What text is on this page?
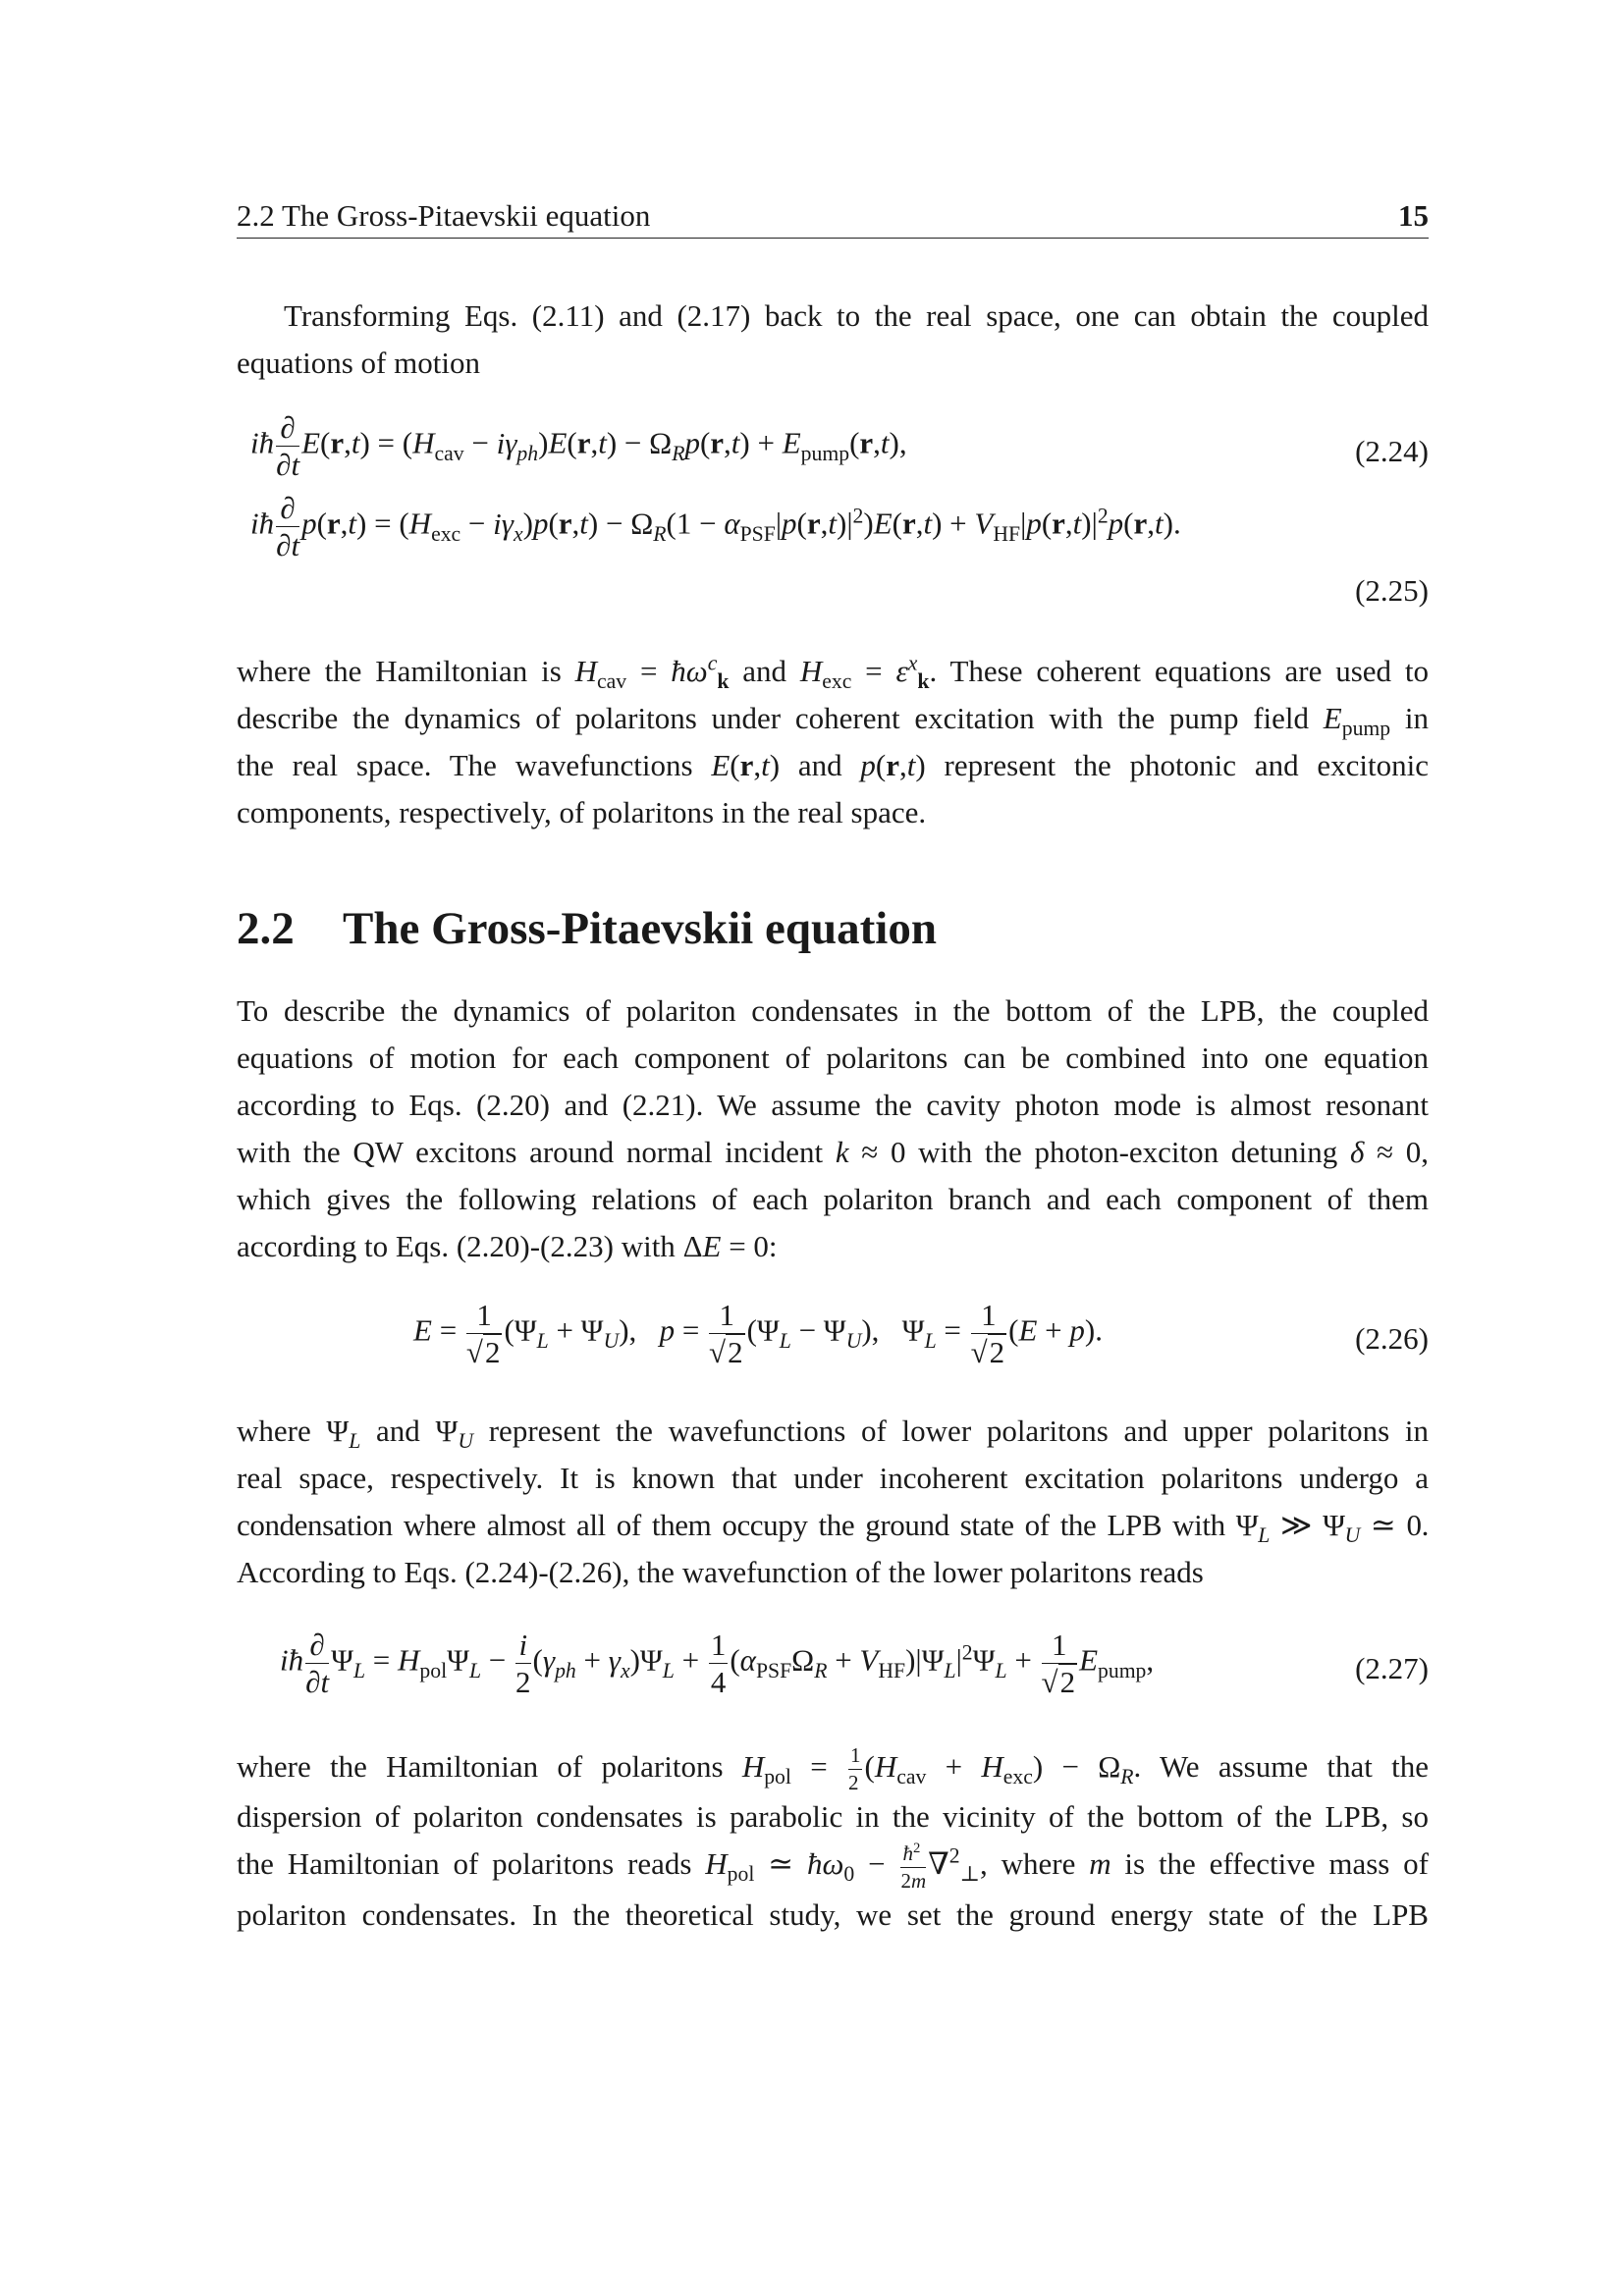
2.2 The Gross-Pitaevskii equation	15

Transforming Eqs. (2.11) and (2.17) back to the real space, one can obtain the coupled
equations of motion

iħ $\frac{\partial}{\partial t} E(r,t) = (H_{cav} - i\gamma_{ph})E(r,t) - \Omega_Rp(r,t) + E_{pump}(r,t)$,	(2.24)
iħ $\frac{\partial}{\partial t} p(r,t) = (H_{exc} - i\gamma_x)p(r,t) - \Omega_R(1 - \alpha_{PSF}|p(r,t)|^2)E(r,t) + V_{HF}|p(r,t)|^2p(r,t)$.
(2.25)

where the Hamiltonian is $H_{cav}$ = $ħ\omega^c_k$ and $H_{exc} = \varepsilon^x_k$. These coherent equations are used to
describe the dynamics of polaritons under coherent excitation with the pump field $E_{pump}$ in
the real space. The wavefunctions E(r,t) and p(r,t) represent the photonic and excitonic
components, respectively, of polaritons in the real space.

2.2 The Gross-Pitaevskii equation

To describe the dynamics of polariton condensates in the bottom of the LPB, the coupled
equations of motion for each component of polaritons can be combined into one equation
according to Eqs. (2.20) and (2.21). We assume the cavity photon mode is almost resonant
with the QW excitons around normal incident k ≈ 0 with the photon-exciton detuning δ ≈ 0,
which gives the following relations of each polariton branch and each component of them
according to Eqs. (2.20)-(2.23) with ΔE = 0:

$E = \frac{1}{√2} (\Psi_L + \Psi_U)$,   $p = \frac{1}{√2} (\Psi_L - \Psi_U)$,   $\Psi_L = \frac{1}{√2} (E + p)$.	(2.26)

where $\Psi_L$ and $\Psi_U$ represent the wavefunctions of lower polaritons and upper polaritons in
real space, respectively. It is known that under incoherent excitation polaritons undergo a
condensation where almost all of them occupy the ground state of the LPB with $\Psi_L$ ≫ $\Psi_U$ ≃ 0.
According to Eqs. (2.24)-(2.26), the wavefunction of the lower polaritons reads

iħ $\frac{\partial}{\partial t} \Psi_L = H_{pol}\Psi_L - \frac{i}{2} (\gamma_{ph} + \gamma_x)\Psi_L + \frac{1}{4} (\alpha_{PSF}\Omega_R + V_{HF})|\Psi_L|^2\Psi_L + \frac{1}{√2} E_{pump}$,	(2.27)

where the Hamiltonian of polaritons $H_{pol} = \frac{1}{2} (H_{cav} + H_{exc}) - \Omega_R$. We assume that the
dispersion of polariton condensates is parabolic in the vicinity of the bottom of the LPB, so
the Hamiltonian of polaritons reads $H_{pol}$ ≃ $ħ\omega_0 - \frac{ħ^2}{2m} \nabla^2_\perp$, where m is the effective mass of
polariton condensates. In the theoretical study, we set the ground energy state of the LPB
